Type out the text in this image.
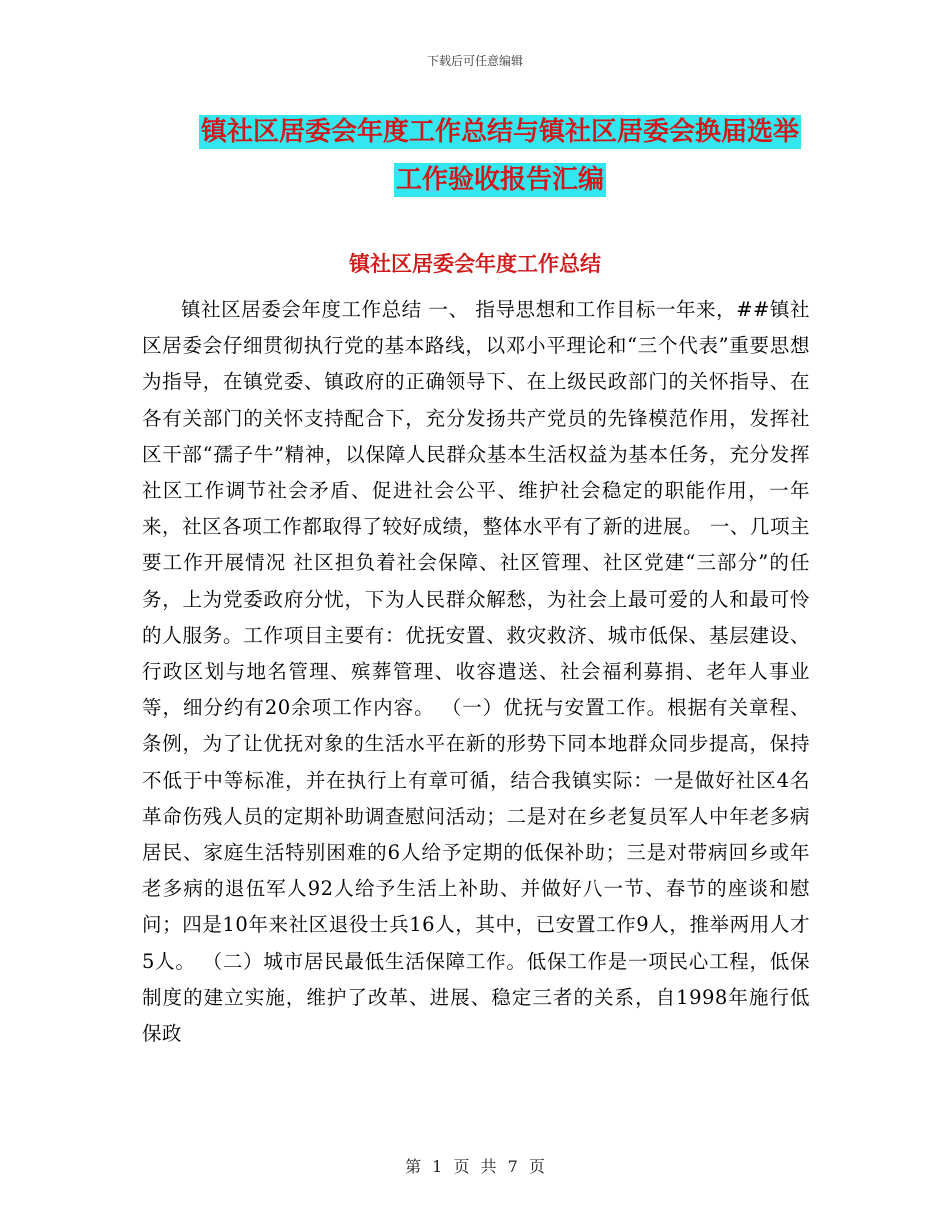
下载后可任意编辑
镇社区居委会年度工作总结与镇社区居委会换届选举
工作验收报告汇编
镇社区居委会年度工作总结
镇社区居委会年度工作总结 一、 指导思想和工作目标一年来，##镇社区居委会仔细贯彻执行党的基本路线，以邓小平理论和“三个代表”重要思想为指导，在镇党委、镇政府的正确领导下、在上级民政部门的关怀指导、在各有关部门的关怀支持配合下，充分发扬共产党员的先锋模范作用，发挥社区干部“孺子牛”精神，以保障人民群众基本生活权益为基本任务，充分发挥社区工作调节社会矛盾、促进社会公平、维护社会稳定的职能作用，一年来，社区各项工作都取得了较好成绩，整体水平有了新的进展。 一、几项主要工作开展情况 社区担负着社会保障、社区管理、社区党建“三部分”的任务，上为党委政府分忧，下为人民群众解愁，为社会上最可爱的人和最可怜的人服务。工作项目主要有：优抚安置、救灾救济、城市低保、基层建设、行政区划与地名管理、殡葬管理、收容遣送、社会福利募捐、老年人事业等，细分约有20余项工作内容。 （一）优抚与安置工作。根据有关章程、条例，为了让优抚对象的生活水平在新的形势下同本地群众同步提高，保持不低于中等标准，并在执行上有章可循，结合我镇实际：一是做好社区4名革命伤残人员的定期补助调查慰问活动；二是对在乡老复员军人中年老多病居民、家庭生活特别困难的6人给予定期的低保补助；三是对带病回乡或年老多病的退伍军人92人给予生活上补助、并做好八一节、春节的座谈和慰问；四是10年来社区退役士兵16人，其中，已安置工作9人，推举两用人才5人。 （二）城市居民最低生活保障工作。低保工作是一项民心工程，低保制度的建立实施，维护了改革、进展、稳定三者的关系，自1998年施行低保政
第 1 页 共 7 页
